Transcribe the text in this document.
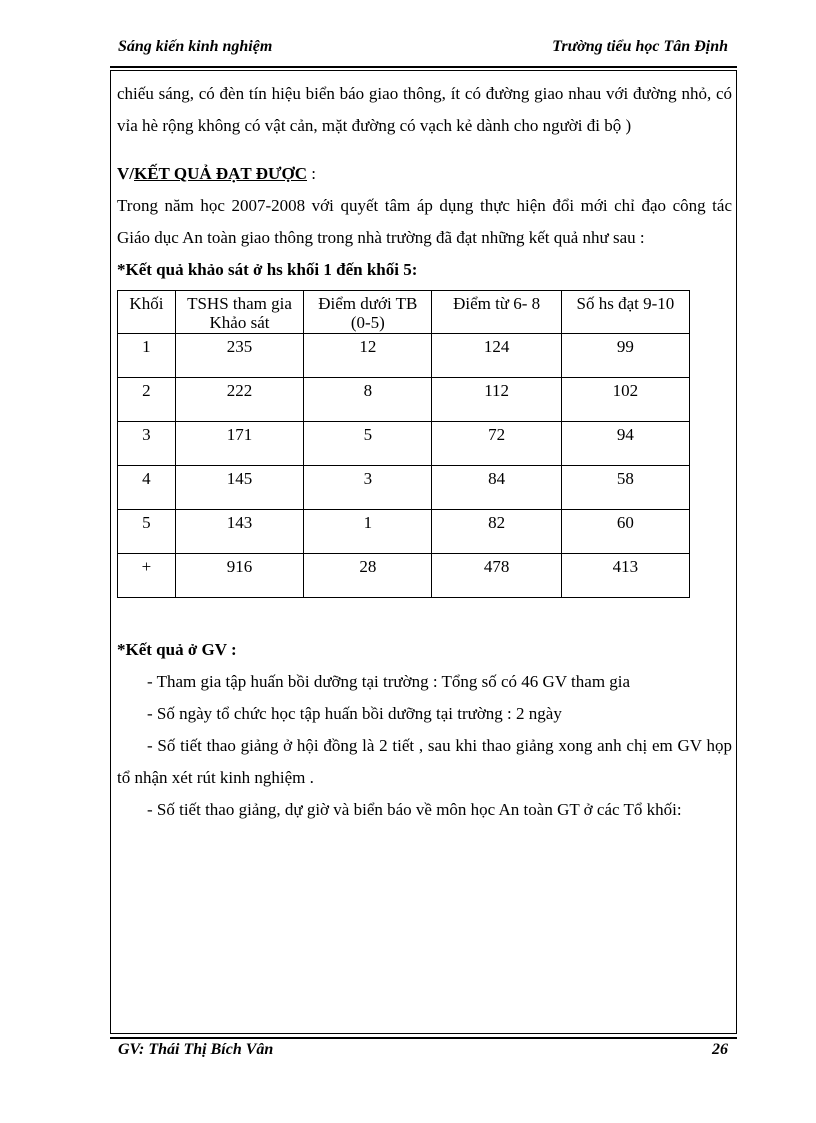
Sáng kiến kinh nghiệm	Trường tiểu học Tân Định

chiếu sáng, có đèn tín hiệu biển báo giao thông, ít có đường giao nhau với đường nhỏ, có vỉa hè rộng không có vật cản, mặt đường có vạch kẻ dành cho người đi bộ )

V/KẾT QUẢ ĐẠT ĐƯỢC :

Trong năm học 2007-2008 với quyết tâm áp dụng thực hiện đổi mới chỉ đạo công tác Giáo dục An toàn giao thông trong nhà trường đã đạt những kết quả như sau :

*Kết quả khảo sát ở hs khối 1 đến khối 5:

Khối	TSHS tham gia Khảo sát	Điểm dưới TB (0-5)	Điểm từ 6- 8	Số hs đạt 9-10
1	235	12	124	99
2	222	8	112	102
3	171	5	72	94
4	145	3	84	58
5	143	1	82	60
+	916	28	478	413

*Kết quả ở GV :

- Tham gia tập huấn bồi dưỡng tại trường : Tổng số có 46 GV tham gia

- Số ngày tổ chức học tập huấn bồi dưỡng tại trường : 2 ngày

- Số tiết thao giảng ở hội đồng là 2 tiết , sau khi thao giảng xong anh chị em GV họp tổ nhận xét rút kinh nghiệm .

- Số tiết thao giảng, dự giờ và biển báo về môn học An toàn GT ở các Tổ khối:

GV: Thái Thị Bích Vân	26
